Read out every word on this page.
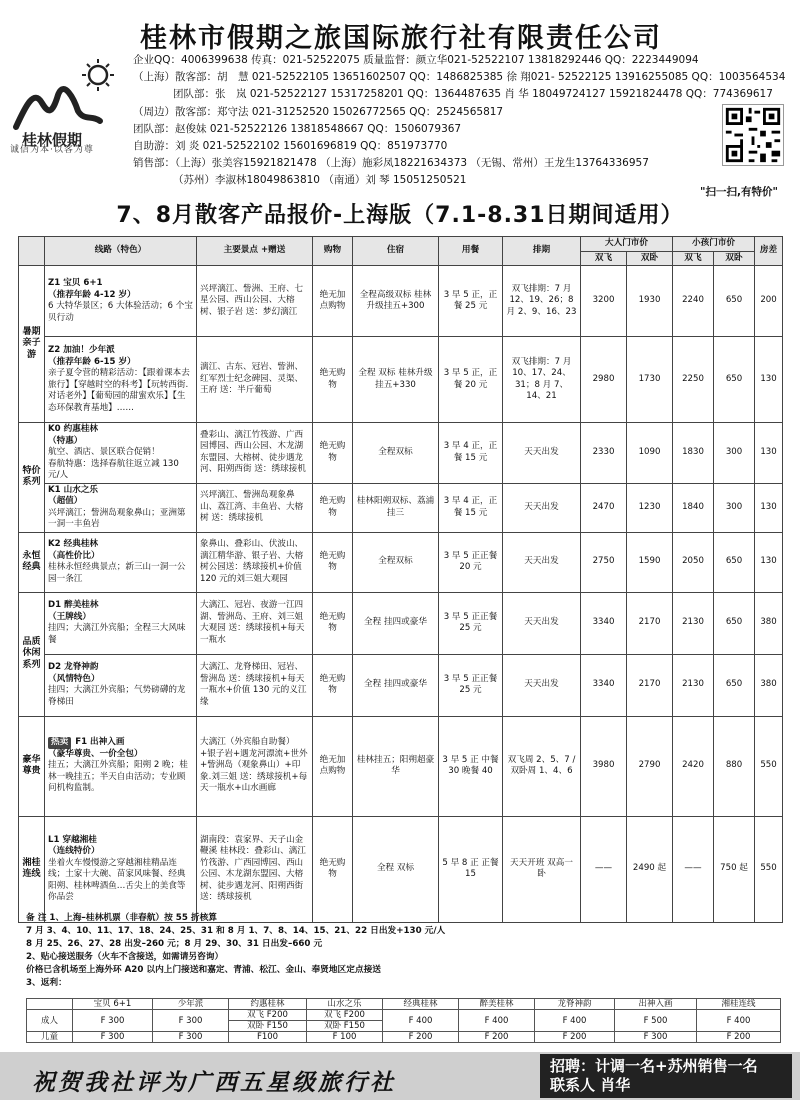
桂林假期
诚信为本·以客为尊
桂林市假期之旅国际旅行社有限责任公司
企业QQ：4006399638 传真：021-52522075 质量监督：颜立华021-52522107 13818292446 QQ：2223449094
（上海）散客部：胡　慧 021-52522105 13651602507 QQ：1486825385 徐 翔021- 52522125 13916255085 QQ：1003564534
团队部：张　岚 021-52522127 15317258201 QQ：1364487635 肖 华 18049724127 15921824478 QQ：774369617
（周边）散客部：郑守法 021-31252520 15026772565 QQ：2524565817
团队部：赵俊妹 021-52522126 13818548667 QQ：1506079367
自助游：刘 炎 021-52522102 15601696819 QQ：851973770
销售部：（上海）张美容15921821478 （上海）施彩凤18221634373 （无锡、常州）王龙生13764336957
（苏州）李淑林18049863810 （南通）刘 琴 15051250521
"扫一扫,有特价"
7、8月散客产品报价-上海版（7.1-8.31日期间适用）
	线路（特色）	主要景点 +赠送	购物	住宿	用餐	排期	大人门市价		小孩门市价		房差
							双飞	双卧	双飞	双卧	
暑期亲子游	Z1 宝贝 6+1
（推荐年龄 4-12 岁）
6 大特华景区；6 大体验活动；6 个宝贝行动	兴坪漓江、訾洲、王府、七星公园、西山公园、大榕树、银子岩 送：梦幻漓江	绝无加点购物	全程高级双标 桂林升级挂五+300	3 早 5 正，正餐 25 元	双飞排期：7 月 12、19、26；8 月 2、9、16、23	3200	1930	2240	650	200

	Z2 加油！少年派
（推荐年龄 6-15 岁）
亲子夏令营的精彩活动：【跟着课本去旅行】【穿越时空的科考】【玩转西街.对话老外】【葡萄园的甜蜜欢乐】【生态环保教育基地】……	漓江、古东、冠岩、訾洲、红军烈士纪念碑园、灵渠、王府 送：半斤葡萄	绝无购物	全程 双标 桂林升级挂五+330	3 早 5 正，正餐 20 元	双飞排期：7 月 10、17、24、31；8 月 7、14、21	2980	1730	2250	650	130
特价系列	K0 约惠桂林
（特惠）
航空、酒店、景区联合促销！
春航特惠：选择春航往返立减 130 元/人	叠彩山、漓江竹筏游、广西园博园、西山公园、木龙湖东盟园、大榕树、徒步遇龙河、阳朔西街 送：绣球接机	绝无购物	全程双标	3 早 4 正，正餐 15 元	天天出发	2330	1090	1830	300	130

	K1 山水之乐
（超值）
兴坪漓江；訾洲岛观象鼻山；亚洲第一洞一丰鱼岩	兴坪漓江、訾洲岛观象鼻山、荔江湾、丰鱼岩、大榕树 送：绣球接机	绝无购物	桂林阳朔双标、荔浦挂三	3 早 4 正，正餐 15 元	天天出发	2470	1230	1840	300	130
永恒经典	K2 经典桂林
（高性价比）
桂林永恒经典景点；新三山一洞一公园一条江	象鼻山、叠彩山、伏波山、漓江精华游、银子岩、大榕树公园送：绣球接机+价值 120 元的刘三姐大观园	绝无购物	全程双标	3 早 5 正正餐 20 元	天天出发	2750	1590	2050	650	130
品质休闲系列	D1 醉美桂林
（王牌线）
挂四；大漓江外宾船；全程三大风味餐	大漓江、冠岩、夜游一江四湖、訾洲岛、王府、刘三姐大观园 送：绣球接机+每天一瓶水	绝无购物	全程 挂四或豪华	3 早 5 正正餐 25 元	天天出发	3340	2170	2130	650	380

	D2 龙脊神韵
（风情特色）
挂四；大漓江外宾船；气势磅礴的龙脊梯田	大漓江、龙脊梯田、冠岩、訾洲岛 送：绣球接机+每天一瓶水+价值 130 元的义江缘	绝无购物	全程 挂四或豪华	3 早 5 正正餐 25 元	天天出发	3340	2170	2130	650	380
豪华尊贵	热卖 F1 出神入画
（豪华尊贵、一价全包）
挂五；大漓江外宾船；阳朔 2 晚；桂林一晚挂五；半天自由活动；专业顾问机构监制。	大漓江（外宾船自助餐）+银子岩+遇龙河漂流+世外+訾洲岛（观象鼻山）+印象.刘三姐 送：绣球接机+每天一瓶水+山水画廊	绝无加点购物	桂林挂五；阳朔超豪华	3 早 5 正 中餐 30 晚餐 40	双飞周 2、5、7 / 双卧周 1、4、6	3980	2790	2420	880	550
湘桂连线	L1 穿越湘桂
（连线特价）
坐着火车慢慢游之穿越湘桂精品连线；土家十大碗、苗家风味餐、经典阳朔、桂林啤酒鱼…舌尖上的美食等你品尝	湖南段：袁家界、天子山金鞭溪 桂林段：叠彩山、漓江竹筏游、广西园博园、西山公园、木龙湖东盟园、大榕树、徒步遇龙河、阳朔西街 送：绣球接机	绝无购物	全程 双标	5 早 8 正 正餐 15	天天开班 双高一卧	——	2490 起	——	750 起	550
备 注 1、上海–桂林机票（非春航）按 55 折核算
7 月 3、4、10、11、17、18、24、25、31 和 8 月 1、7、8、14、15、21、22 日出发+130 元/人
8 月 25、26、27、28 出发–260 元；8 月 29、30、31 日出发–660 元
2、贴心接送服务（火车不含接送，如需请另咨询）
价格已含机场至上海外环 A20 以内上门接送和嘉定、青浦、松江、金山、奉贤地区定点接送
3、返利：
	宝贝 6+1	少年派	约惠桂林	山水之乐	经典桂林	醉美桂林	龙脊神韵	出神入画	湘桂连线
成人	F 300	F 300	双飞 F200	双飞 F200	F 400	F 400	F 400	F 500	F 400
			双卧 F150	双卧 F150					
儿童	F 300	F 300	F100	F 100	F 200	F 200	F 200	F 300	F 200
祝贺我社评为广西五星级旅行社
招聘：计调一名+苏州销售一名
联系人 肖华
